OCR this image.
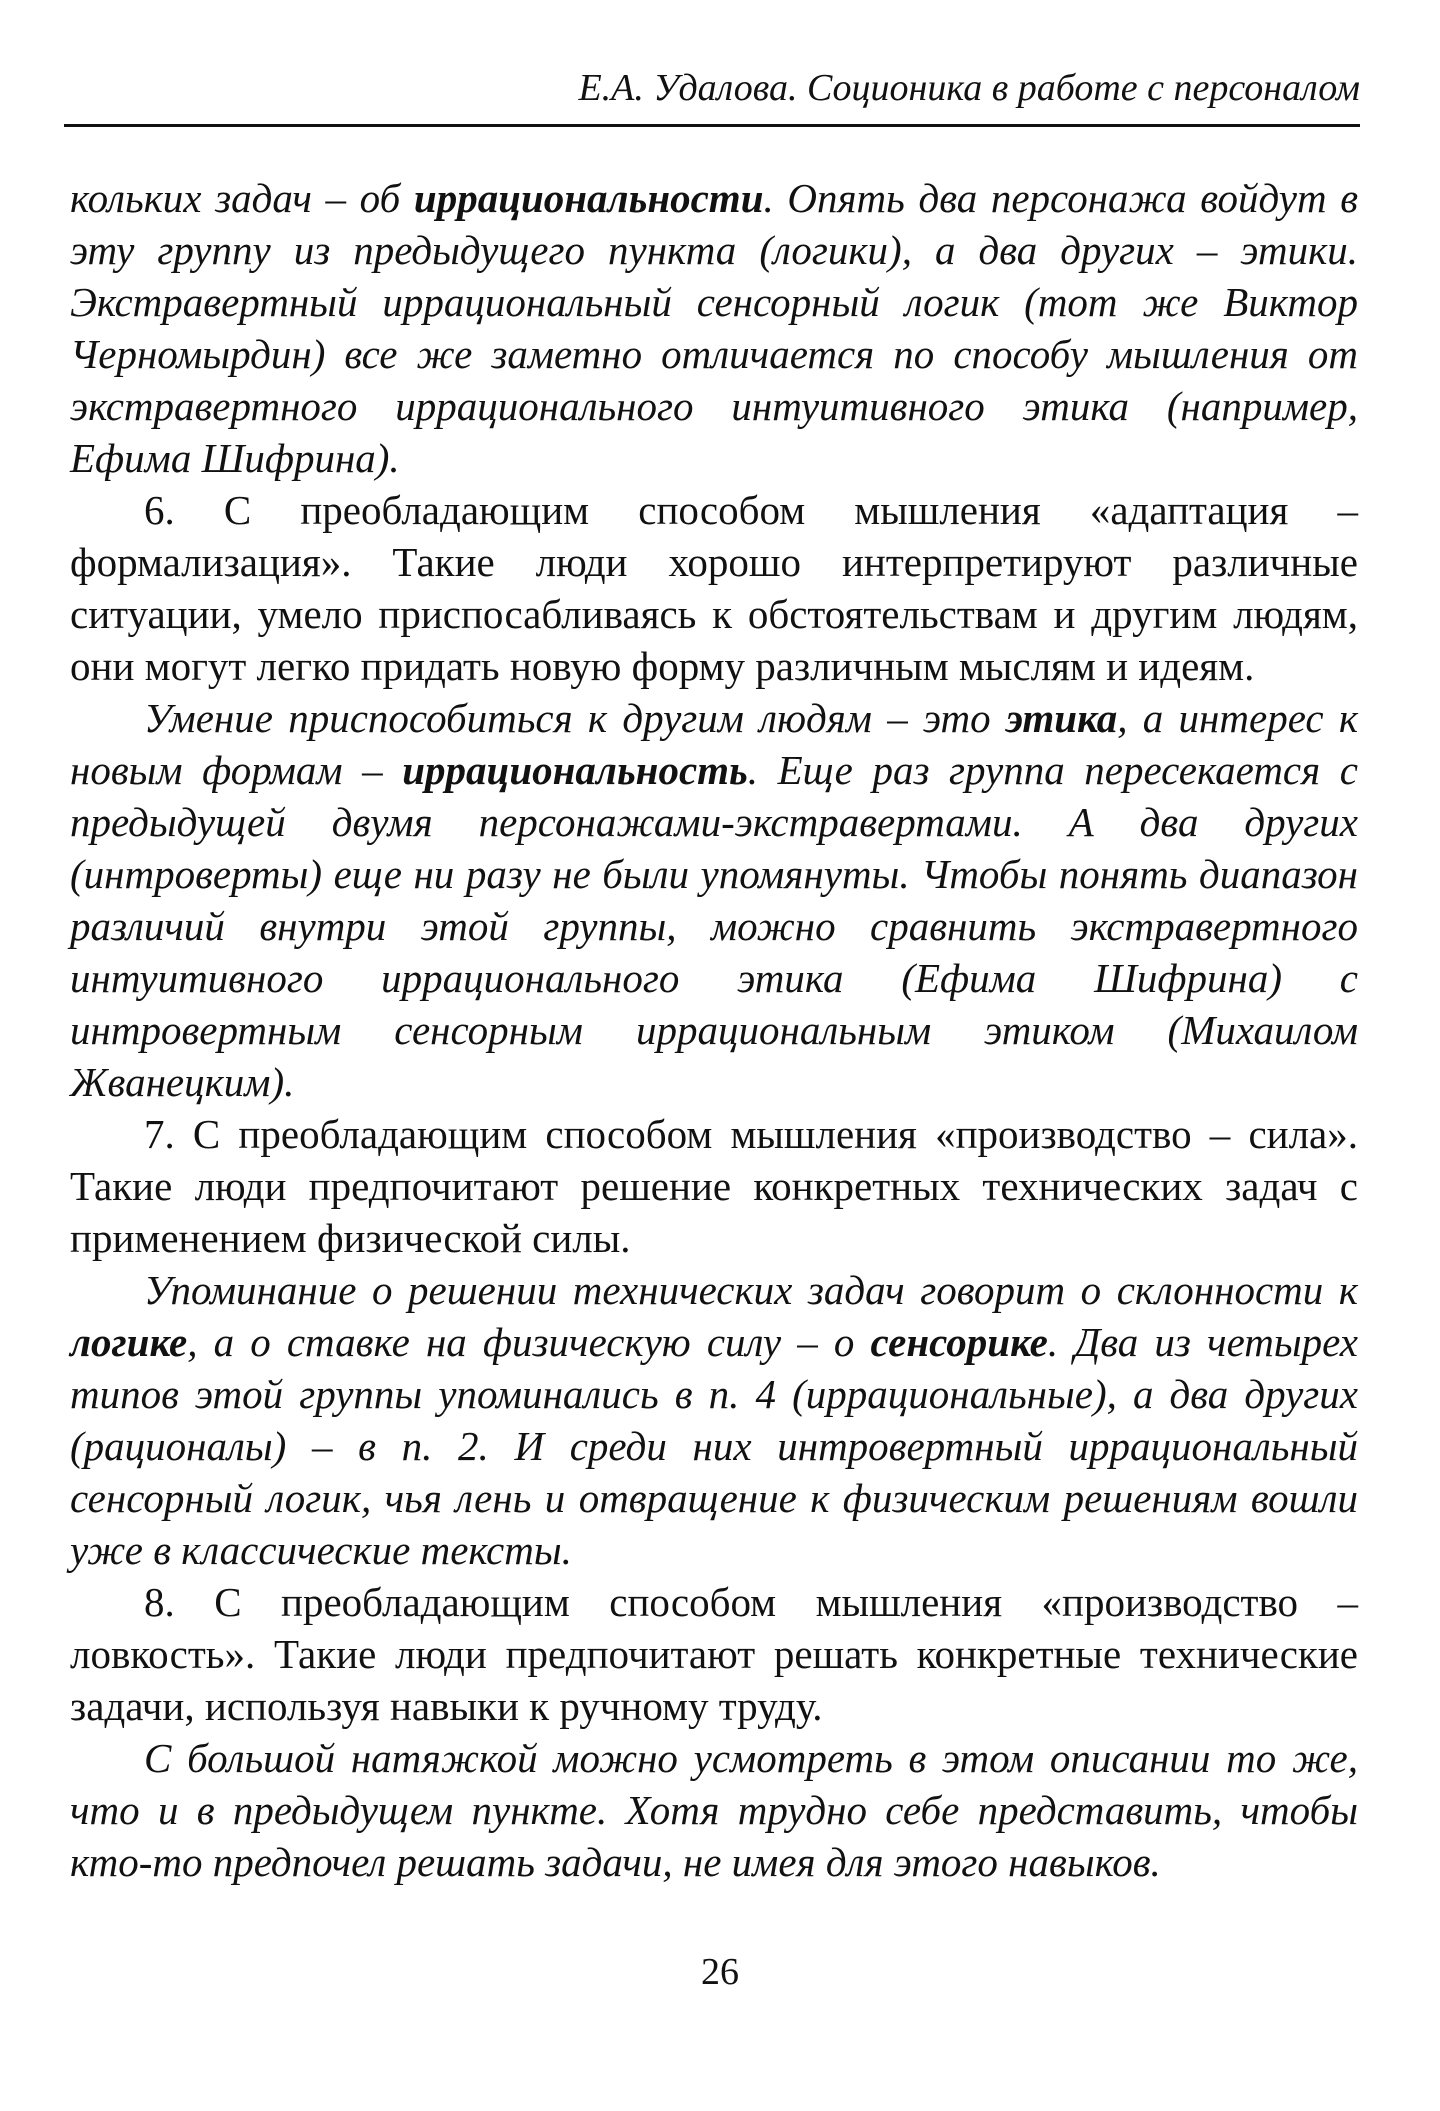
Е.А. Удалова. Соционика в работе с персоналом

кольких задач – об иррациональности. Опять два персонажа войдут в эту группу из предыдущего пункта (логики), а два других – этики. Экстравертный иррациональный сенсорный логик (тот же Виктор Черномырдин) все же заметно отличается по способу мышления от экстравертного иррационального интуитивного этика (например, Ефима Шифрина).

6. С преобладающим способом мышления «адаптация – формализация». Такие люди хорошо интерпретируют различные ситуации, умело приспосабливаясь к обстоятельствам и другим людям, они могут легко придать новую форму различным мыслям и идеям.

Умение приспособиться к другим людям – это этика, а интерес к новым формам – иррациональность. Еще раз группа пересекается с предыдущей двумя персонажами-экстравертами. А два других (интроверты) еще ни разу не были упомянуты. Чтобы понять диапазон различий внутри этой группы, можно сравнить экстравертного интуитивного иррационального этика (Ефима Шифрина) с интровертным сенсорным иррациональным этиком (Михаилом Жванецким).

7. С преобладающим способом мышления «производство – сила». Такие люди предпочитают решение конкретных технических задач с применением физической силы.

Упоминание о решении технических задач говорит о склонности к логике, а о ставке на физическую силу – о сенсорике. Два из четырех типов этой группы упоминались в п. 4 (иррациональные), а два других (рационалы) – в п. 2. И среди них интровертный иррациональный сенсорный логик, чья лень и отвращение к физическим решениям вошли уже в классические тексты.

8. С преобладающим способом мышления «производство – ловкость». Такие люди предпочитают решать конкретные технические задачи, используя навыки к ручному труду.

С большой натяжкой можно усмотреть в этом описании то же, что и в предыдущем пункте. Хотя трудно себе представить, чтобы кто-то предпочел решать задачи, не имея для этого навыков.

26
